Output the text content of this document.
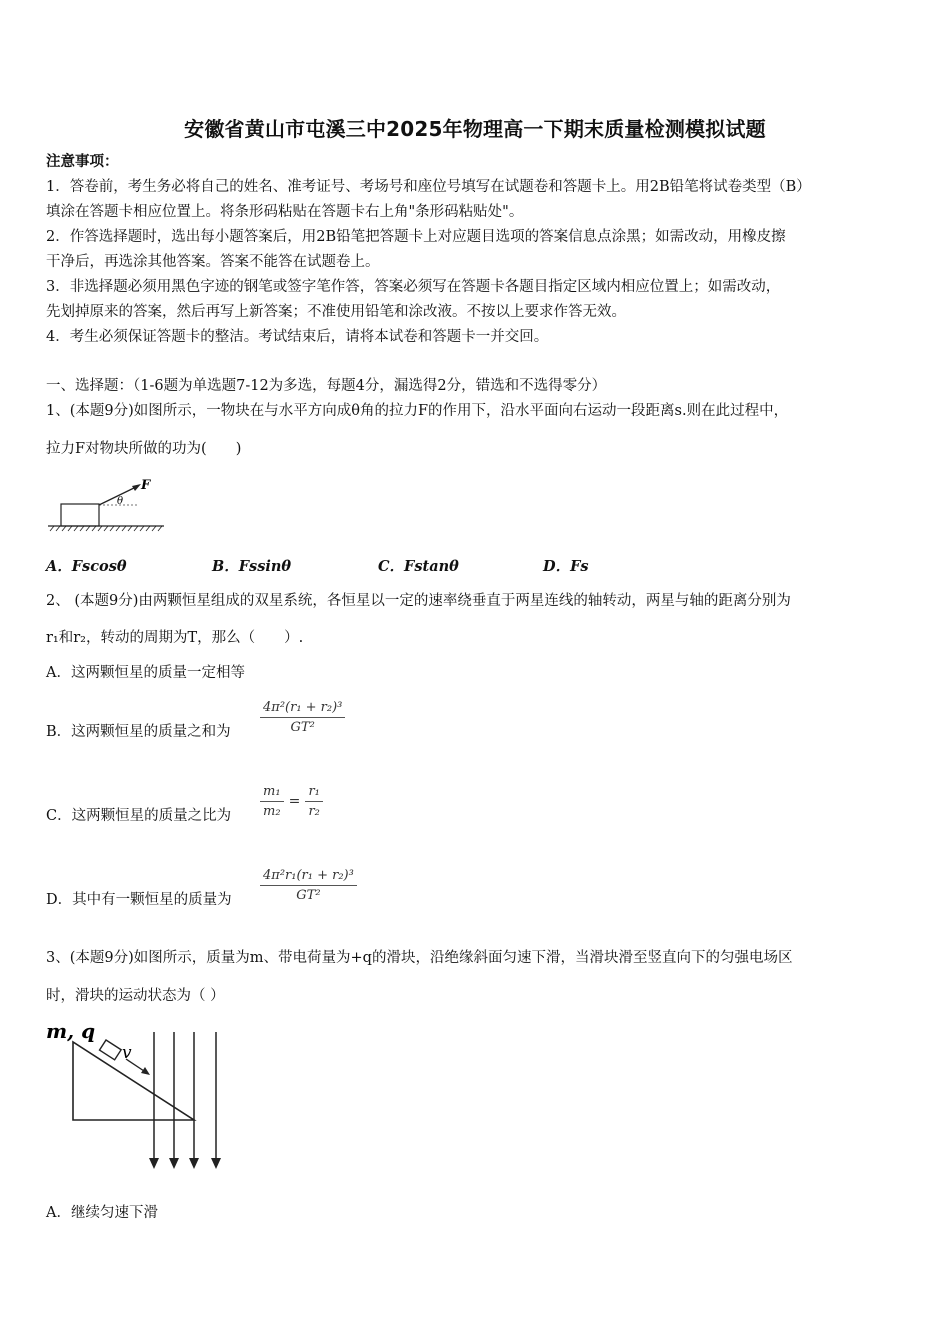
安徽省黄山市屯溪三中2025年物理高一下期末质量检测模拟试题
注意事项：
1．答卷前，考生务必将自己的姓名、准考证号、考场号和座位号填写在试题卷和答题卡上。用2B铅笔将试卷类型（B）
填涂在答题卡相应位置上。将条形码粘贴在答题卡右上角"条形码粘贴处"。
2．作答选择题时，选出每小题答案后，用2B铅笔把答题卡上对应题目选项的答案信息点涂黑；如需改动，用橡皮擦
干净后，再选涂其他答案。答案不能答在试题卷上。
3．非选择题必须用黑色字迹的钢笔或签字笔作答，答案必须写在答题卡各题目指定区域内相应位置上；如需改动，
先划掉原来的答案，然后再写上新答案；不准使用铅笔和涂改液。不按以上要求作答无效。
4．考生必须保证答题卡的整洁。考试结束后，请将本试卷和答题卡一并交回。
一、选择题：（1-6题为单选题7-12为多选，每题4分，漏选得2分，错选和不选得零分）
1、(本题9分)如图所示，一物块在与水平方向成θ角的拉力F的作用下，沿水平面向右运动一段距离s.则在此过程中，
拉力F对物块所做的功为(　　)
F
θ
A．Fscosθ	B．Fssinθ	C．Fstanθ	D．Fs
2、 (本题9分)由两颗恒星组成的双星系统，各恒星以一定的速率绕垂直于两星连线的轴转动，两星与轴的距离分别为
r₁和r₂，转动的周期为T，那么（　　）.
A．这两颗恒星的质量一定相等
B．这两颗恒星的质量之和为 $\frac{\text{4π²(r₁ + r₂)³}}{\text{GT²}}$
C．这两颗恒星的质量之比为 $\frac{\text{m₁}}{\text{m₂}} = \frac{\text{r₁}}{\text{r₂}}$
D．其中有一颗恒星的质量为 $\frac{\text{4π²r₁(r₁ + r₂)³}}{\text{GT²}}$
3、(本题9分)如图所示，质量为m、带电荷量为+q的滑块，沿绝缘斜面匀速下滑，当滑块滑至竖直向下的匀强电场区
时，滑块的运动状态为（ ）
v
m, q
A．继续匀速下滑
